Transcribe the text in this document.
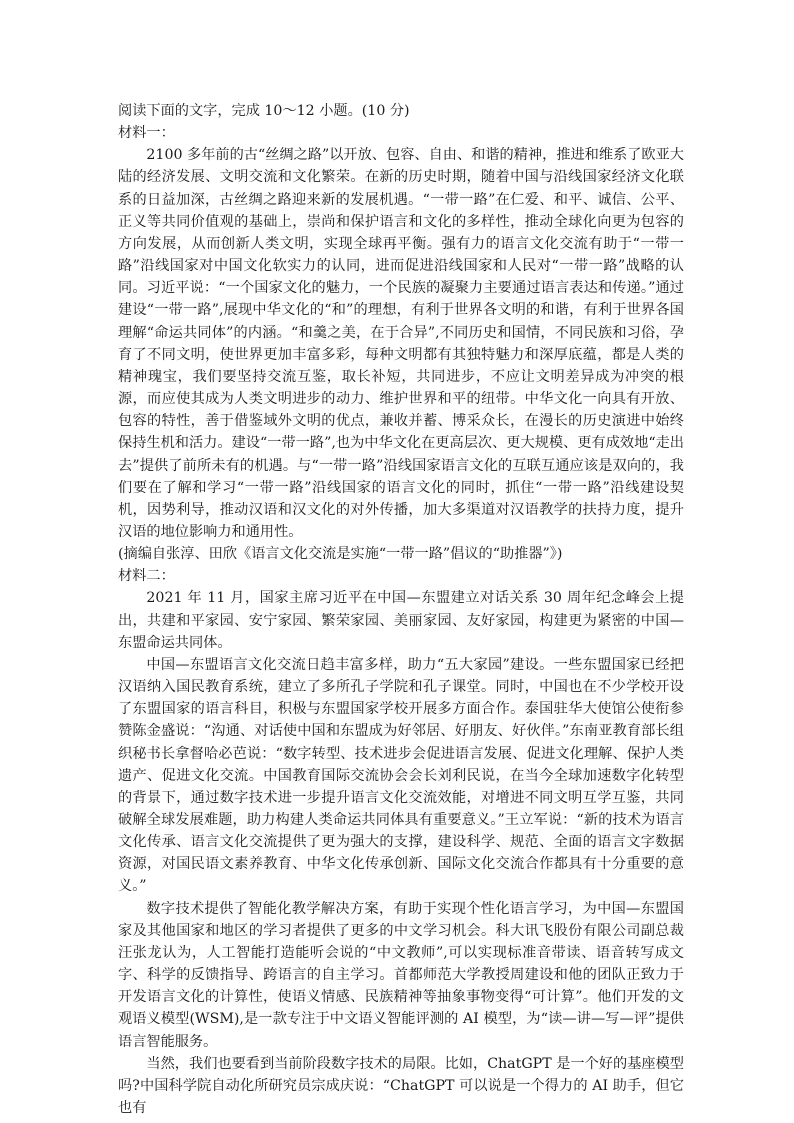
阅读下面的文字，完成 10～12 小题。(10 分)

材料一：

2100 多年前的古“丝绸之路”以开放、包容、自由、和谐的精神，推进和维系了欧亚大陆的经济发展、文明交流和文化繁荣。在新的历史时期，随着中国与沿线国家经济文化联系的日益加深，古丝绸之路迎来新的发展机遇。“一带一路”在仁爱、和平、诚信、公平、正义等共同价值观的基础上，崇尚和保护语言和文化的多样性，推动全球化向更为包容的方向发展，从而创新人类文明，实现全球再平衡。强有力的语言文化交流有助于“一带一路”沿线国家对中国文化软实力的认同，进而促进沿线国家和人民对“一带一路”战略的认同。习近平说：“一个国家文化的魅力，一个民族的凝聚力主要通过语言表达和传递。”通过建设“一带一路”,展现中华文化的“和”的理想，有利于世界各文明的和谐，有利于世界各国理解“命运共同体”的内涵。“和羹之美，在于合异”,不同历史和国情，不同民族和习俗，孕育了不同文明，使世界更加丰富多彩，每种文明都有其独特魅力和深厚底蕴，都是人类的精神瑰宝，我们要坚持交流互鉴，取长补短，共同进步，不应让文明差异成为冲突的根源，而应使其成为人类文明进步的动力、维护世界和平的纽带。中华文化一向具有开放、包容的特性，善于借鉴域外文明的优点，兼收并蓄、博采众长，在漫长的历史演进中始终保持生机和活力。建设“一带一路”,也为中华文化在更高层次、更大规模、更有成效地“走出去”提供了前所未有的机遇。与“一带一路”沿线国家语言文化的互联互通应该是双向的，我们要在了解和学习“一带一路”沿线国家的语言文化的同时，抓住“一带一路”沿线建设契机，因势利导，推动汉语和汉文化的对外传播，加大多渠道对汉语教学的扶持力度，提升汉语的地位影响力和通用性。

(摘编自张淳、田欣《语言文化交流是实施“一带一路”倡议的“助推器”》)

材料二：

2021 年 11 月，国家主席习近平在中国—东盟建立对话关系 30 周年纪念峰会上提出，共建和平家园、安宁家园、繁荣家园、美丽家园、友好家园，构建更为紧密的中国—东盟命运共同体。

中国—东盟语言文化交流日趋丰富多样，助力“五大家园”建设。一些东盟国家已经把汉语纳入国民教育系统，建立了多所孔子学院和孔子课堂。同时，中国也在不少学校开设了东盟国家的语言科目，积极与东盟国家学校开展多方面合作。泰国驻华大使馆公使衔参赞陈金盛说：“沟通、对话使中国和东盟成为好邻居、好朋友、好伙伴。”东南亚教育部长组织秘书长拿督哈必芭说：“数字转型、技术进步会促进语言发展、促进文化理解、保护人类遗产、促进文化交流。中国教育国际交流协会会长刘利民说，在当今全球加速数字化转型的背景下，通过数字技术进一步提升语言文化交流效能，对增进不同文明互学互鉴，共同破解全球发展难题，助力构建人类命运共同体具有重要意义。”王立军说：“新的技术为语言文化传承、语言文化交流提供了更为强大的支撑，建设科学、规范、全面的语言文字数据资源，对国民语文素养教育、中华文化传承创新、国际文化交流合作都具有十分重要的意义。”

数字技术提供了智能化教学解决方案，有助于实现个性化语言学习，为中国—东盟国家及其他国家和地区的学习者提供了更多的中文学习机会。科大讯飞股份有限公司副总裁汪张龙认为，人工智能打造能听会说的“中文教师”,可以实现标准音带读、语音转写成文字、科学的反馈指导、跨语言的自主学习。首都师范大学教授周建设和他的团队正致力于开发语言文化的计算性，使语义情感、民族精神等抽象事物变得“可计算”。他们开发的文观语义模型(WSM),是一款专注于中文语义智能评测的 AI 模型，为“读—讲—写—评”提供语言智能服务。

当然，我们也要看到当前阶段数字技术的局限。比如，ChatGPT 是一个好的基座模型吗?中国科学院自动化所研究员宗成庆说：“ChatGPT 可以说是一个得力的 AI 助手，但它也有
